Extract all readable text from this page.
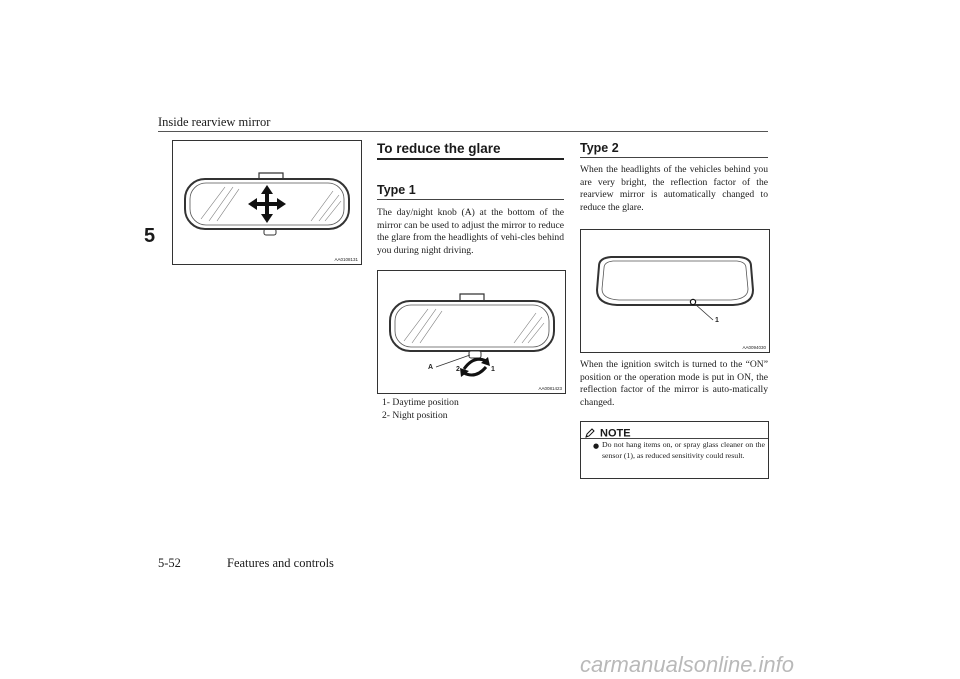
Inside rearview mirror
5
AA0108131
To reduce the glare
Type 1
The day/night knob (A) at the bottom of the mirror can be used to adjust the mirror to reduce the glare from the headlights of vehi-cles behind you during night driving.
A	2	1
AA0081423
1- Daytime position
2- Night position
Type 2
When the headlights of the vehicles behind you are very bright, the reflection factor of the rearview mirror is automatically changed to reduce the glare.
1
AA0094030
When the ignition switch is turned to the “ON” position or the operation mode is put in ON, the reflection factor of the mirror is auto-matically changed.
NOTE
● Do not hang items on, or spray glass cleaner on the sensor (1), as reduced sensitivity could result.
5-52	Features and controls
carmanualsonline.info
